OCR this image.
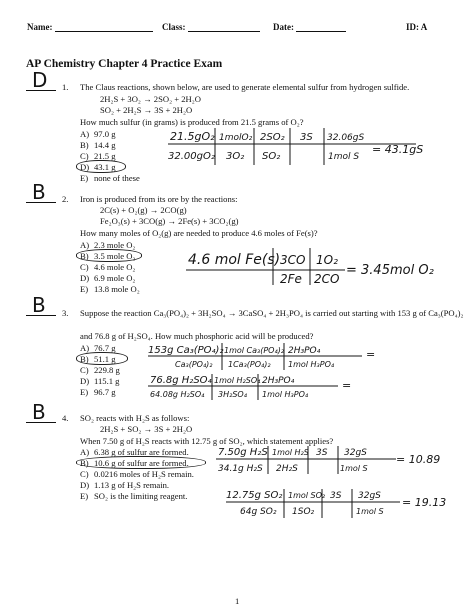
Name:	Class:	Date:	ID: A
AP Chemistry Chapter 4 Practice Exam
D 1. The Claus reactions, shown below, are used to generate elemental sulfur from hydrogen sulfide.
2H₂S + 3O₂ → 2SO₂ + 2H₂O
SO₂ + 2H₂S → 3S + 2H₂O
How much sulfur (in grams) is produced from 21.5 grams of O₂?
A) 97.0 g
B) 14.4 g
C) 21.5 g
D) 43.1 g
E) none of these
B 2. Iron is produced from its ore by the reactions:
2C(s) + O₂(g) → 2CO(g)
Fe₂O₃(s) + 3CO(g) → 2Fe(s) + 3CO₂(g)
How many moles of O₂(g) are needed to produce 4.6 moles of Fe(s)?
A) 2.3 mole O₂
B) 3.5 mole O₂
C) 4.6 mole O₂
D) 6.9 mole O₂
E) 13.8 mole O₂
B 3. Suppose the reaction Ca₃(PO₄)₂ + 3H₂SO₄ → 3CaSO₄ + 2H₃PO₄ is carried out starting with 153 g of Ca₃(PO₄)₂
and 76.8 g of H₂SO₄. How much phosphoric acid will be produced?
A) 76.7 g
B) 51.1 g
C) 229.8 g
D) 115.1 g
E) 96.7 g
B 4. SO₂ reacts with H₂S as follows:
2H₂S + SO₂ → 3S + 2H₂O
When 7.50 g of H₂S reacts with 12.75 g of SO₂, which statement applies?
A) 6.38 g of sulfur are formed.
B) 10.6 g of sulfur are formed.
C) 0.0216 moles of H₂S remain.
D) 1.13 g of H₂S remain.
E) SO₂ is the limiting reagent.
21.5gO₂ 1molO₂ 2SO₂ 3S 32.06gS
32.00gO₂ 3O₂ SO₂	1mol S
= 43.1gS
4.6 mol Fe(s) 3CO 1O₂
2Fe 2CO
= 3.45mol O₂
153g Ca₃(PO₄)₂ 1mol Ca₃(PO₄)₂ 2H₃PO₄
Ca₃(PO₄)₂ 1Ca₃(PO₄)₂ 1mol H₃PO₄
=
76.8g H₂SO₄ 1mol H₂SO₄ 2H₃PO₄
64.08g H₂SO₄ 3H₂SO₄ 1mol H₃PO₄
=
7.50g H₂S 1mol H₂S 3S 32gS
34.1g H₂S 2H₂S	1mol S
= 10.89
12.75g SO₂ 1mol SO₂ 3S 32gS
64g SO₂ 1SO₂	1mol S
= 19.13
1
